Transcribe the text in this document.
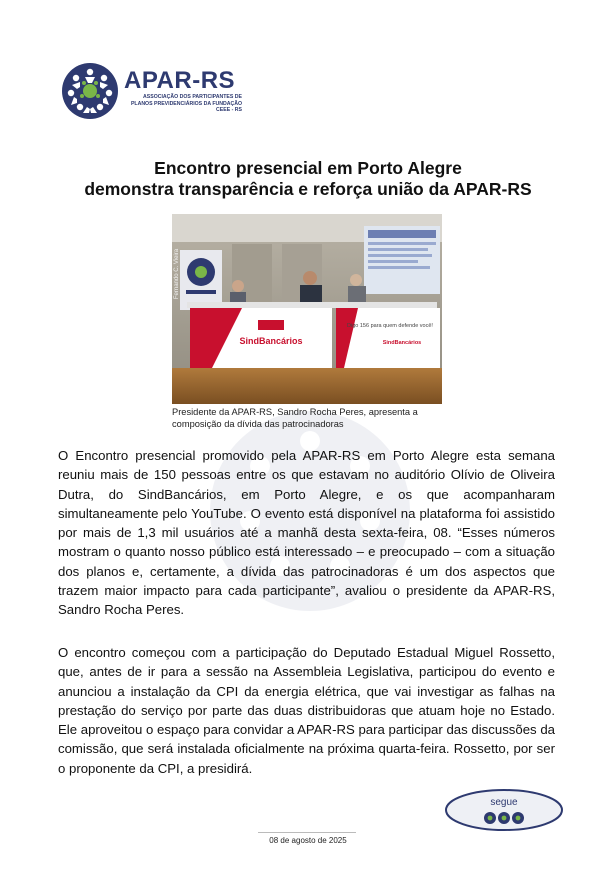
APAR-RS
ASSOCIAÇÃO DOS PARTICIPANTES DE PLANOS PREVIDENCIÁRIOS DA FUNDAÇÃO CEEE - RS
Encontro presencial em Porto Alegre
demonstra transparência e reforça união da APAR-RS
SindBancários
Digo 156 para quem defende você!
SindBancários
Fernando C. Vieira
Presidente da APAR-RS, Sandro Rocha Peres, apresenta a composição da dívida das patrocinadoras

O Encontro presencial promovido pela APAR-RS em Porto Alegre esta semana reuniu mais de 150 pessoas entre os que estavam no auditório Olívio de Oliveira Dutra, do SindBancários, em Porto Alegre, e os que acompanharam simultaneamente pelo YouTube. O evento está disponível na plataforma foi assistido por mais de 1,3 mil usuários até a manhã desta sexta-feira, 08. “Esses números mostram o quanto nosso público está interessado – e preocupado – com a situação dos planos e, certamente, a dívida das patrocinadoras é um dos aspectos que trazem maior impacto para cada participante”, avaliou o presidente da APAR-RS, Sandro Rocha Peres.

O encontro começou com a participação do Deputado Estadual Miguel Rossetto, que, antes de ir para a sessão na Assembleia Legislativa, participou do evento e anunciou a instalação da CPI da energia elétrica, que vai investigar as falhas na prestação do serviço por parte das duas distribuidoras que atuam hoje no Estado. Ele aproveitou o espaço para convidar a APAR-RS para participar das discussões da comissão, que será instalada oficialmente na próxima quarta-feira. Rossetto, por ser o proponente da CPI, a presidirá.

segue
08 de agosto de 2025
